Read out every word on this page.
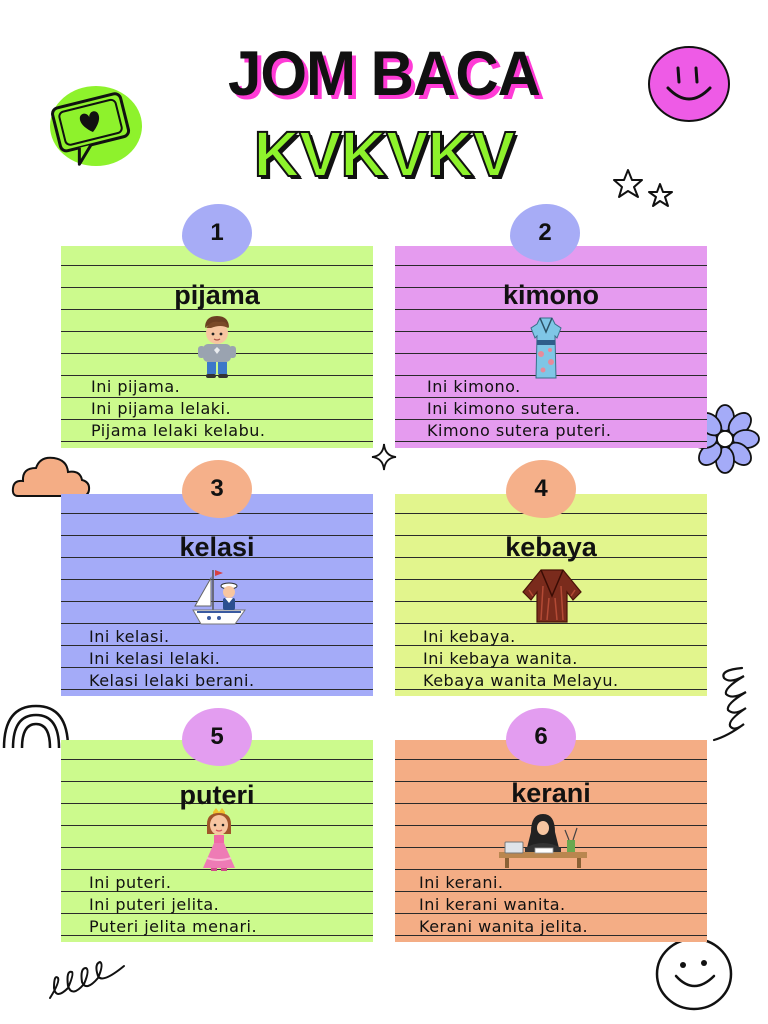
JOM BACA
KVKVKV
pijama
Ini pijama.
Ini pijama lelaki.
Pijama lelaki kelabu.
1
kimono
Ini kimono.
Ini kimono sutera.
Kimono sutera puteri.
2
kelasi
Ini kelasi.
Ini kelasi lelaki.
Kelasi lelaki berani.
3
kebaya
Ini kebaya.
Ini kebaya wanita.
Kebaya wanita Melayu.
4
puteri
Ini puteri.
Ini puteri jelita.
Puteri jelita menari.
5
kerani
Ini kerani.
Ini kerani wanita.
Kerani wanita jelita.
6
